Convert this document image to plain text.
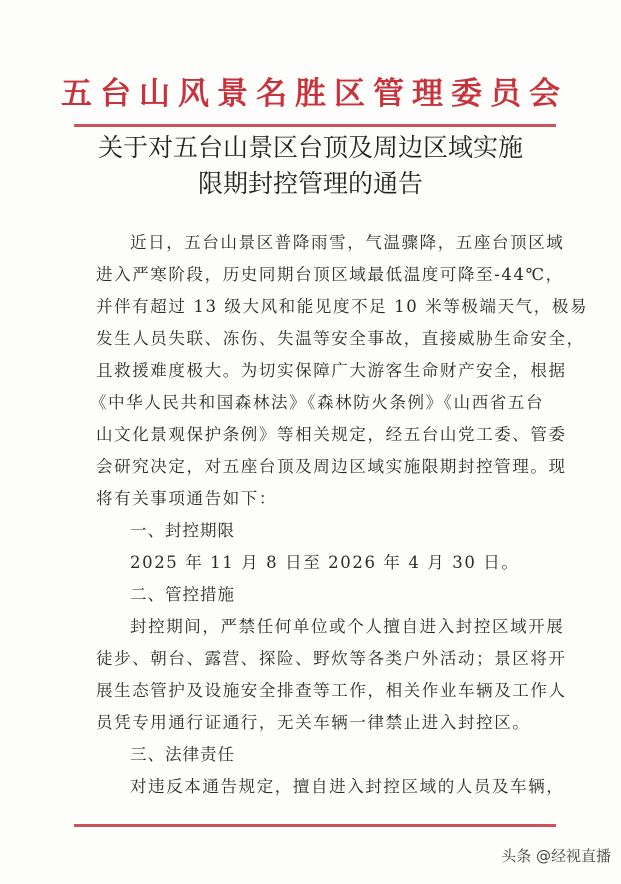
五台山风景名胜区管理委员会
关于对五台山景区台顶及周边区域实施
限期封控管理的通告
近日，五台山景区普降雨雪，气温骤降，五座台顶区域
进入严寒阶段，历史同期台顶区域最低温度可降至-44℃，
并伴有超过 13 级大风和能见度不足 10 米等极端天气，极易
发生人员失联、冻伤、失温等安全事故，直接威胁生命安全，
且救援难度极大。为切实保障广大游客生命财产安全，根据
《中华人民共和国森林法》《森林防火条例》《山西省五台
山文化景观保护条例》等相关规定，经五台山党工委、管委
会研究决定，对五座台顶及周边区域实施限期封控管理。现
将有关事项通告如下：
一、封控期限
2025 年 11 月 8 日至 2026 年 4 月 30 日。
二、管控措施
封控期间，严禁任何单位或个人擅自进入封控区域开展
徒步、朝台、露营、探险、野炊等各类户外活动；景区将开
展生态管护及设施安全排查等工作，相关作业车辆及工作人
员凭专用通行证通行，无关车辆一律禁止进入封控区。
三、法律责任
对违反本通告规定，擅自进入封控区域的人员及车辆，
头条 @经视直播
